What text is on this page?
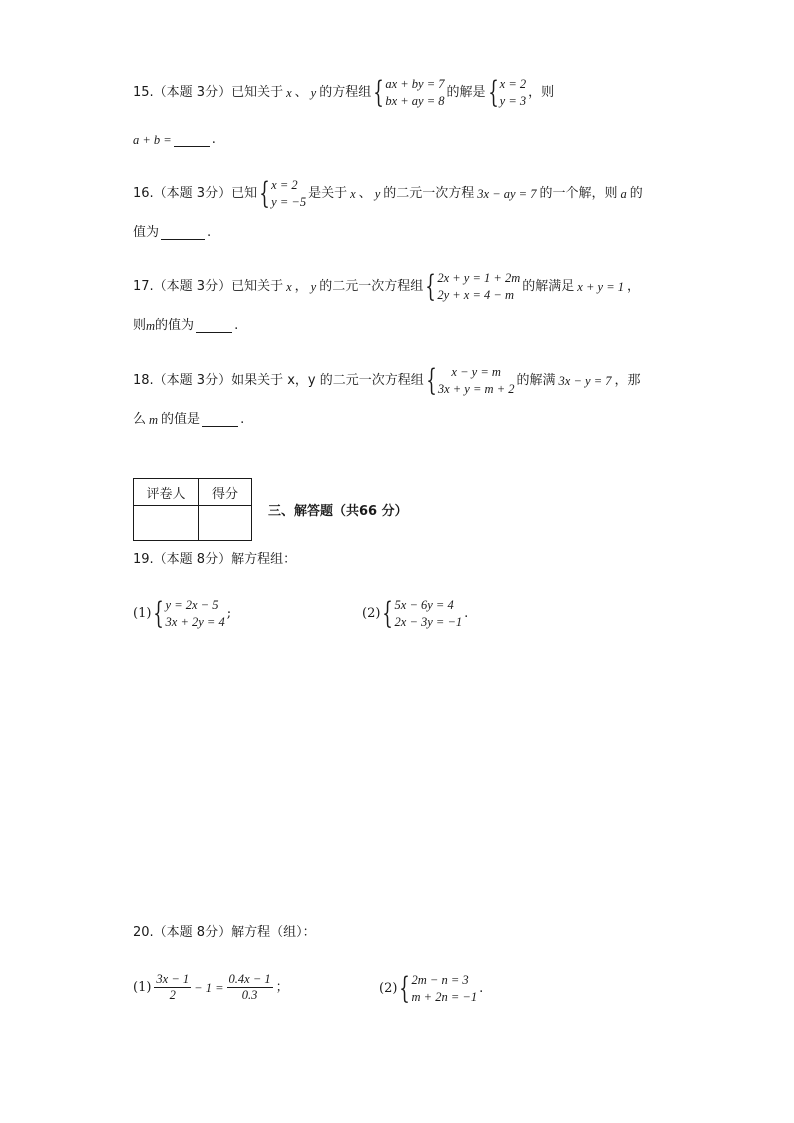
15.（本题 3分）已知关于 x 、 y 的方程组 { ax + by = 7
bx + ay = 8
的解是 { x = 2
y = 3
，则
a + b =	.
16.（本题 3分）已知 { x = 2
y = −5
是关于 x 、 y 的二元一次方程 3x − ay = 7 的一个解，则 a 的
值为	.
17.（本题 3分）已知关于 x ， y 的二元一次方程组 { 2x + y = 1 + 2m
2y + x = 4 − m
的解满足 x + y = 1 ，
则 m 的值为	.
18.（本题 3分）如果关于 x，y 的二元一次方程组 { x − y = m
3x + y = m + 2
的解满 3x − y = 7 ，那
么 m 的值是	.
评卷人	得分

三、解答题（共66 分）
19.（本题 8分）解方程组：
(1) { y = 2x − 5
3x + 2y = 4
;	(2) { 5x − 6y = 4
2x − 3y = −1
.
20.（本题 8分）解方程（组）：
$(1) \frac{3x - 1}{2} - 1 = \frac{0.4x - 1}{0.3}$ ；	(2) { 2m − n = 3
m + 2n = −1
.
